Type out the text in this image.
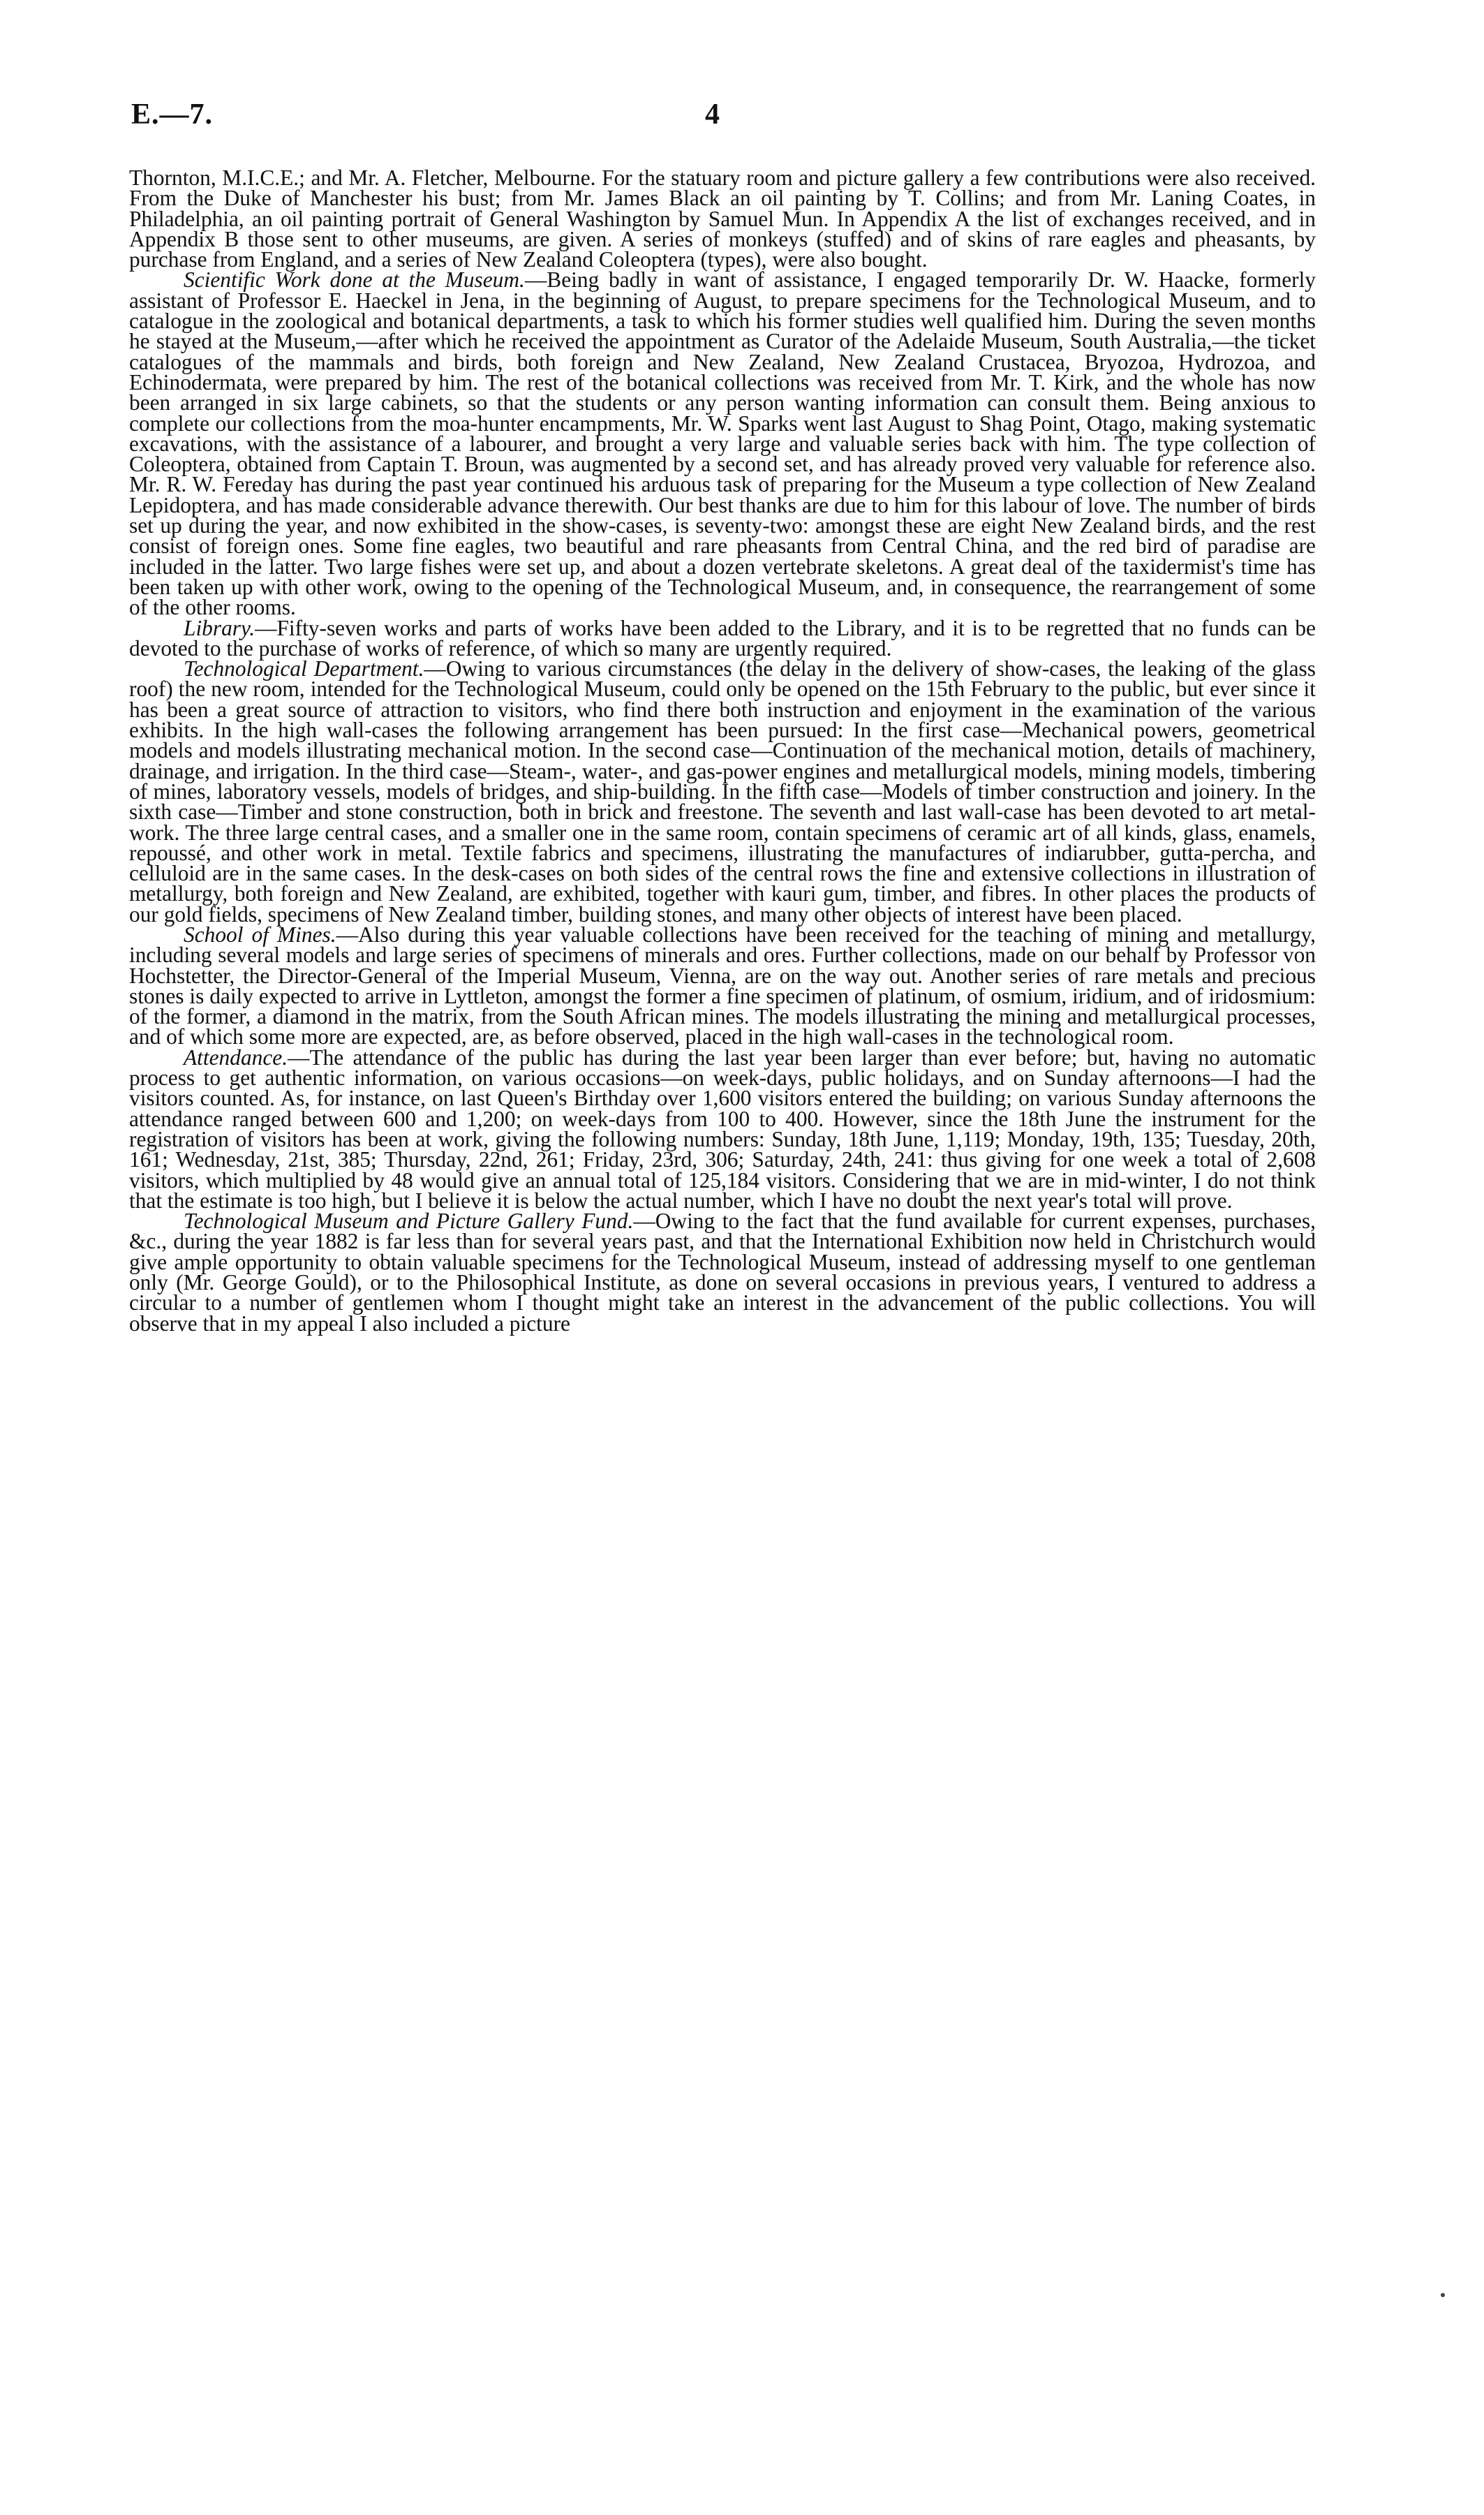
E.—7.	4

Thornton, M.I.C.E.; and Mr. A. Fletcher, Melbourne. For the statuary room and picture gallery a few contributions were also received. From the Duke of Manchester his bust; from Mr. James Black an oil painting by T. Collins; and from Mr. Laning Coates, in Philadelphia, an oil painting portrait of General Washington by Samuel Mun. In Appendix A the list of exchanges received, and in Appendix B those sent to other museums, are given. A series of monkeys (stuffed) and of skins of rare eagles and pheasants, by purchase from England, and a series of New Zealand Coleoptera (types), were also bought.

Scientific Work done at the Museum.—Being badly in want of assistance, I engaged temporarily Dr. W. Haacke, formerly assistant of Professor E. Haeckel in Jena, in the beginning of August, to prepare specimens for the Technological Museum, and to catalogue in the zoological and botanical departments, a task to which his former studies well qualified him. During the seven months he stayed at the Museum,—after which he received the appointment as Curator of the Adelaide Museum, South Australia,—the ticket catalogues of the mammals and birds, both foreign and New Zealand, New Zealand Crustacea, Bryozoa, Hydrozoa, and Echinodermata, were prepared by him. The rest of the botanical collections was received from Mr. T. Kirk, and the whole has now been arranged in six large cabinets, so that the students or any person wanting information can consult them. Being anxious to complete our collections from the moa-hunter encampments, Mr. W. Sparks went last August to Shag Point, Otago, making systematic excavations, with the assistance of a labourer, and brought a very large and valuable series back with him. The type collection of Coleoptera, obtained from Captain T. Broun, was augmented by a second set, and has already proved very valuable for reference also. Mr. R. W. Fereday has during the past year continued his arduous task of preparing for the Museum a type collection of New Zealand Lepidoptera, and has made considerable advance therewith. Our best thanks are due to him for this labour of love. The number of birds set up during the year, and now exhibited in the show-cases, is seventy-two: amongst these are eight New Zealand birds, and the rest consist of foreign ones. Some fine eagles, two beautiful and rare pheasants from Central China, and the red bird of paradise are included in the latter. Two large fishes were set up, and about a dozen vertebrate skeletons. A great deal of the taxidermist's time has been taken up with other work, owing to the opening of the Technological Museum, and, in consequence, the rearrangement of some of the other rooms.

Library.—Fifty-seven works and parts of works have been added to the Library, and it is to be regretted that no funds can be devoted to the purchase of works of reference, of which so many are urgently required.

Technological Department.—Owing to various circumstances (the delay in the delivery of show-cases, the leaking of the glass roof) the new room, intended for the Technological Museum, could only be opened on the 15th February to the public, but ever since it has been a great source of attraction to visitors, who find there both instruction and enjoyment in the examination of the various exhibits. In the high wall-cases the following arrangement has been pursued: In the first case—Mechanical powers, geometrical models and models illustrating mechanical motion. In the second case—Continuation of the mechanical motion, details of machinery, drainage, and irrigation. In the third case—Steam-, water-, and gas-power engines and metallurgical models, mining models, timbering of mines, laboratory vessels, models of bridges, and ship-building. In the fifth case—Models of timber construction and joinery. In the sixth case—Timber and stone construction, both in brick and freestone. The seventh and last wall-case has been devoted to art metal-work. The three large central cases, and a smaller one in the same room, contain specimens of ceramic art of all kinds, glass, enamels, repoussé, and other work in metal. Textile fabrics and specimens, illustrating the manufactures of indiarubber, gutta-percha, and celluloid are in the same cases. In the desk-cases on both sides of the central rows the fine and extensive collections in illustration of metallurgy, both foreign and New Zealand, are exhibited, together with kauri gum, timber, and fibres. In other places the products of our gold fields, specimens of New Zealand timber, building stones, and many other objects of interest have been placed.

School of Mines.—Also during this year valuable collections have been received for the teaching of mining and metallurgy, including several models and large series of specimens of minerals and ores. Further collections, made on our behalf by Professor von Hochstetter, the Director-General of the Imperial Museum, Vienna, are on the way out. Another series of rare metals and precious stones is daily expected to arrive in Lyttleton, amongst the former a fine specimen of platinum, of osmium, iridium, and of iridosmium: of the former, a diamond in the matrix, from the South African mines. The models illustrating the mining and metallurgical processes, and of which some more are expected, are, as before observed, placed in the high wall-cases in the technological room.

Attendance.—The attendance of the public has during the last year been larger than ever before; but, having no automatic process to get authentic information, on various occasions—on week-days, public holidays, and on Sunday afternoons—I had the visitors counted. As, for instance, on last Queen's Birthday over 1,600 visitors entered the building; on various Sunday afternoons the attendance ranged between 600 and 1,200; on week-days from 100 to 400. However, since the 18th June the instrument for the registration of visitors has been at work, giving the following numbers: Sunday, 18th June, 1,119; Monday, 19th, 135; Tuesday, 20th, 161; Wednesday, 21st, 385; Thursday, 22nd, 261; Friday, 23rd, 306; Saturday, 24th, 241: thus giving for one week a total of 2,608 visitors, which multiplied by 48 would give an annual total of 125,184 visitors. Considering that we are in mid-winter, I do not think that the estimate is too high, but I believe it is below the actual number, which I have no doubt the next year's total will prove.

Technological Museum and Picture Gallery Fund.—Owing to the fact that the fund available for current expenses, purchases, &c., during the year 1882 is far less than for several years past, and that the International Exhibition now held in Christchurch would give ample opportunity to obtain valuable specimens for the Technological Museum, instead of addressing myself to one gentleman only (Mr. George Gould), or to the Philosophical Institute, as done on several occasions in previous years, I ventured to address a circular to a number of gentlemen whom I thought might take an interest in the advancement of the public collections. You will observe that in my appeal I also included a picture
